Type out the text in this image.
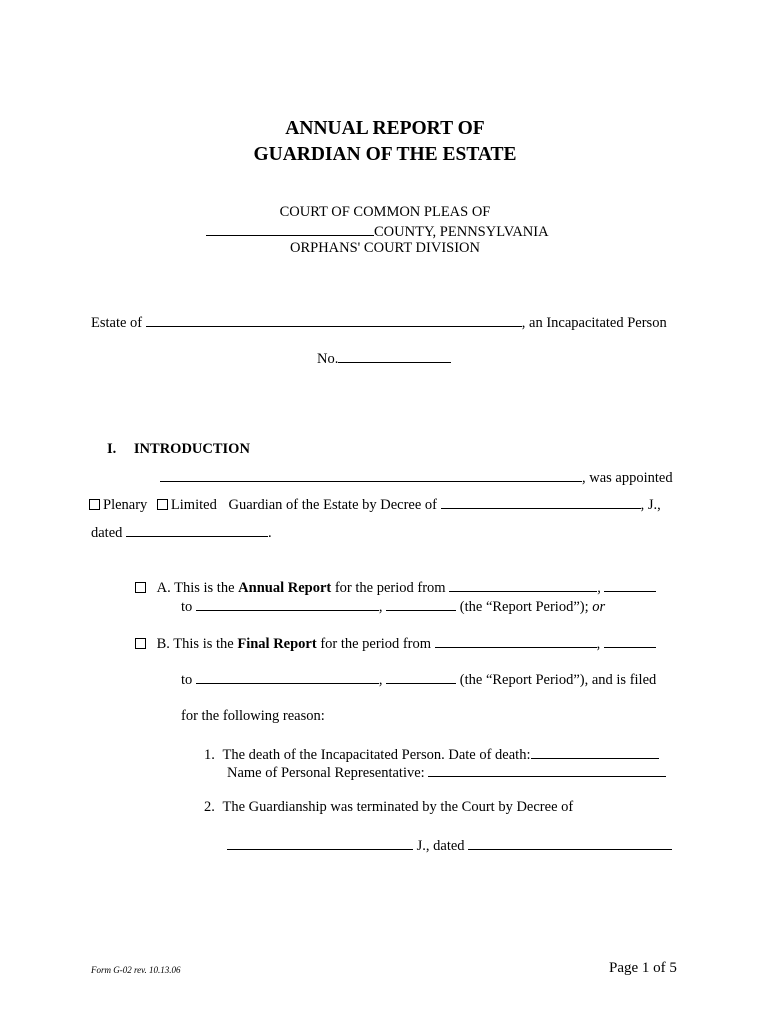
ANNUAL REPORT OF
GUARDIAN OF THE ESTATE
COURT OF COMMON PLEAS OF
COUNTY, PENNSYLVANIA
ORPHANS' COURT DIVISION
Estate of	, an Incapacitated Person
No.
I. INTRODUCTION
, was appointed
Plenary Limited Guardian of the Estate by Decree of	, J.,
dated	.
A. This is the Annual Report for the period from	,
to	,	(the “Report Period”); or
B. This is the Final Report for the period from	,
to	,	(the “Report Period”), and is filed
for the following reason:
1. The death of the Incapacitated Person. Date of death:
Name of Personal Representative:
2. The Guardianship was terminated by the Court by Decree of
J., dated
Form G-02 rev. 10.13.06	Page 1 of 5
